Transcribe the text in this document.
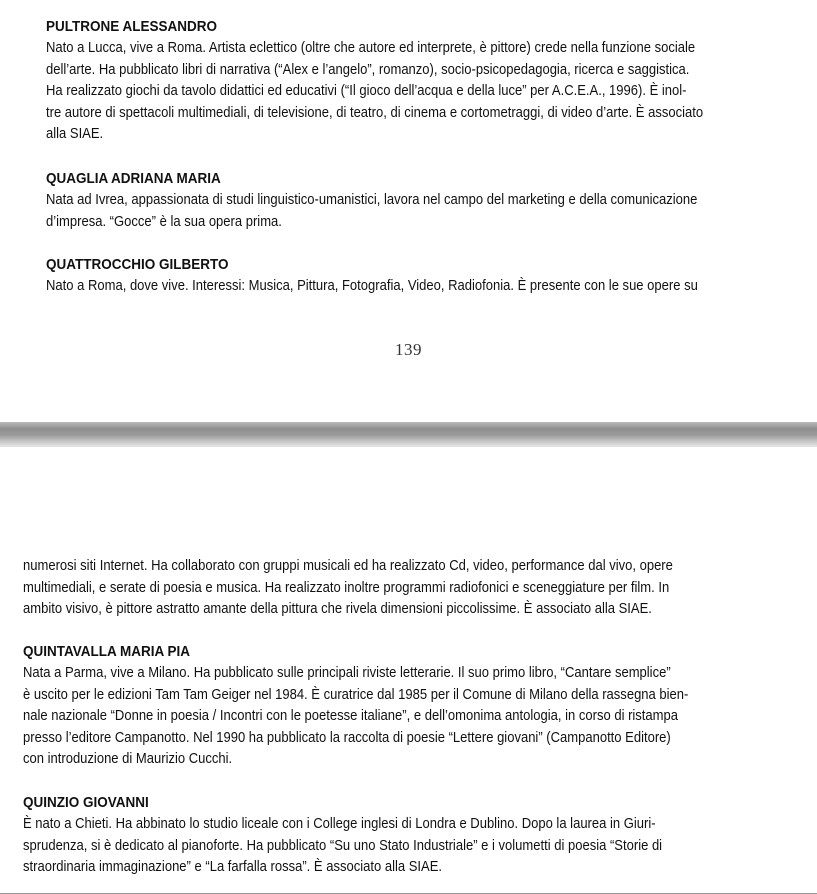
PULTRONE ALESSANDRO
Nato a Lucca, vive a Roma. Artista eclettico (oltre che autore ed interprete, è pittore) crede nella funzione sociale
dell’arte. Ha pubblicato libri di narrativa (“Alex e l’angelo”, romanzo), socio-psicopedagogia, ricerca e saggistica.
Ha realizzato giochi da tavolo didattici ed educativi (“Il gioco dell’acqua e della luce” per A.C.E.A., 1996). È inol-
tre autore di spettacoli multimediali, di televisione, di teatro, di cinema e cortometraggi, di video d’arte. È associato
alla SIAE.
QUAGLIA ADRIANA MARIA
Nata ad Ivrea, appassionata di studi linguistico-umanistici, lavora nel campo del marketing e della comunicazione
d’impresa. “Gocce” è la sua opera prima.
QUATTROCCHIO GILBERTO
Nato a Roma, dove vive. Interessi: Musica, Pittura, Fotografia, Video, Radiofonia. È presente con le sue opere su
139
numerosi siti Internet. Ha collaborato con gruppi musicali ed ha realizzato Cd, video, performance dal vivo, opere
multimediali, e serate di poesia e musica. Ha realizzato inoltre programmi radiofonici e sceneggiature per film. In
ambito visivo, è pittore astratto amante della pittura che rivela dimensioni piccolissime. È associato alla SIAE.
QUINTAVALLA MARIA PIA
Nata a Parma, vive a Milano. Ha pubblicato sulle principali riviste letterarie. Il suo primo libro, “Cantare semplice”
è uscito per le edizioni Tam Tam Geiger nel 1984. È curatrice dal 1985 per il Comune di Milano della rassegna bien-
nale nazionale “Donne in poesia / Incontri con le poetesse italiane”, e dell’omonima antologia, in corso di ristampa
presso l’editore Campanotto. Nel 1990 ha pubblicato la raccolta di poesie “Lettere giovani” (Campanotto Editore)
con introduzione di Maurizio Cucchi.
QUINZIO GIOVANNI
È nato a Chieti. Ha abbinato lo studio liceale con i College inglesi di Londra e Dublino. Dopo la laurea in Giuri-
sprudenza, si è dedicato al pianoforte. Ha pubblicato “Su uno Stato Industriale” e i volumetti di poesia “Storie di
straordinaria immaginazione” e “La farfalla rossa”. È associato alla SIAE.
